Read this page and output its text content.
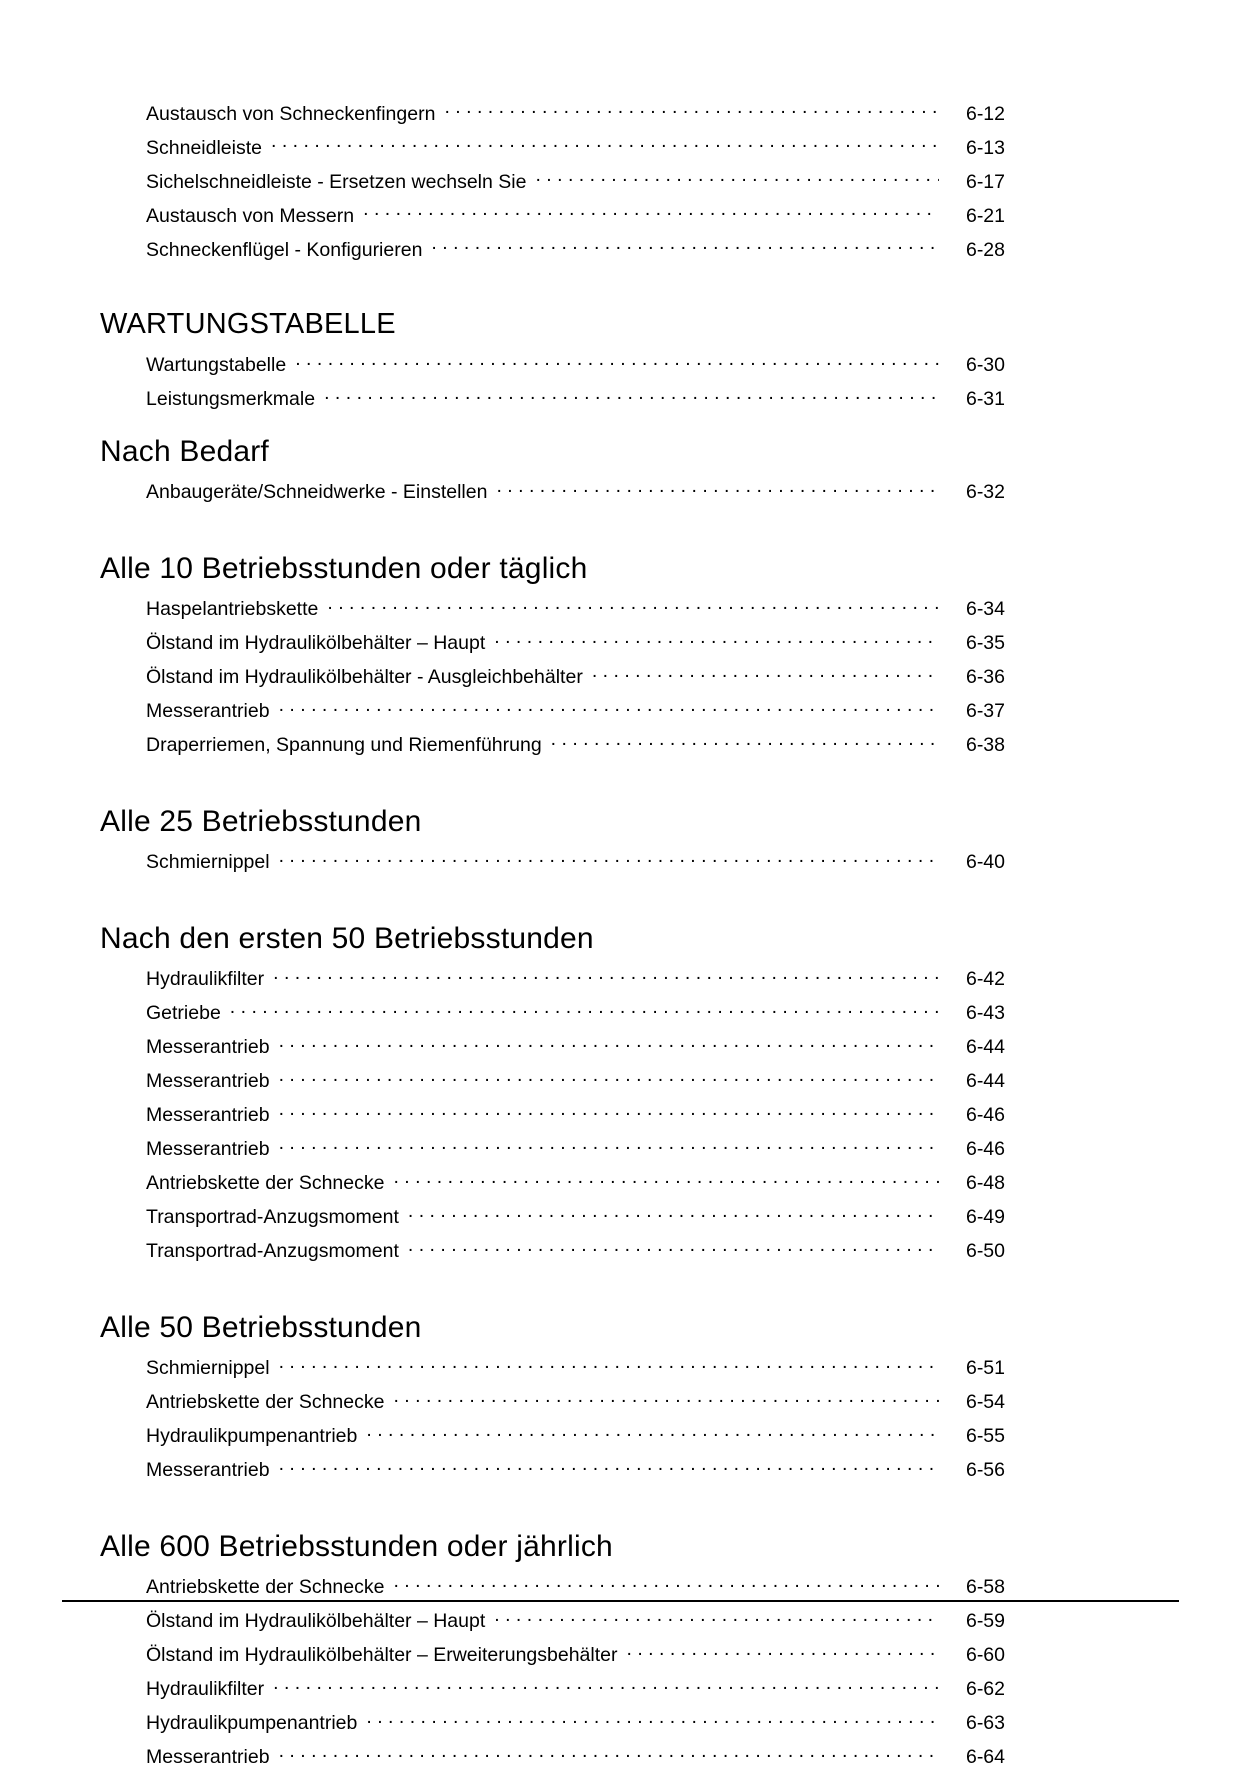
Austausch von Schneckenfingern . . .	6-12
Schneidleiste . . .	6-13
Sichelschneidleiste - Ersetzen wechseln Sie . . .	6-17
Austausch von Messern . . .	6-21
Schneckenflügel - Konfigurieren . . .	6-28
WARTUNGSTABELLE
Wartungstabelle . . .	6-30
Leistungsmerkmale . . .	6-31
Nach Bedarf
Anbaugeräte/Schneidwerke - Einstellen . . .	6-32
Alle 10 Betriebsstunden oder täglich
Haspelantriebskette . . .	6-34
Ölstand im Hydraulikölbehälter – Haupt . . .	6-35
Ölstand im Hydraulikölbehälter - Ausgleichbehälter . . .	6-36
Messerantrieb . . .	6-37
Draperriemen, Spannung und Riemenführung . . .	6-38
Alle 25 Betriebsstunden
Schmiernippel . . .	6-40
Nach den ersten 50 Betriebsstunden
Hydraulikfilter . . .	6-42
Getriebe . . .	6-43
Messerantrieb . . .	6-44
Messerantrieb . . .	6-44
Messerantrieb . . .	6-46
Messerantrieb . . .	6-46
Antriebskette der Schnecke . . .	6-48
Transportrad-Anzugsmoment . . .	6-49
Transportrad-Anzugsmoment . . .	6-50
Alle 50 Betriebsstunden
Schmiernippel . . .	6-51
Antriebskette der Schnecke . . .	6-54
Hydraulikpumpenantrieb . . .	6-55
Messerantrieb . . .	6-56
Alle 600 Betriebsstunden oder jährlich
Antriebskette der Schnecke . . .	6-58
Ölstand im Hydraulikölbehälter – Haupt . . .	6-59
Ölstand im Hydraulikölbehälter – Erweiterungsbehälter . . .	6-60
Hydraulikfilter . . .	6-62
Hydraulikpumpenantrieb . . .	6-63
Messerantrieb . . .	6-64
